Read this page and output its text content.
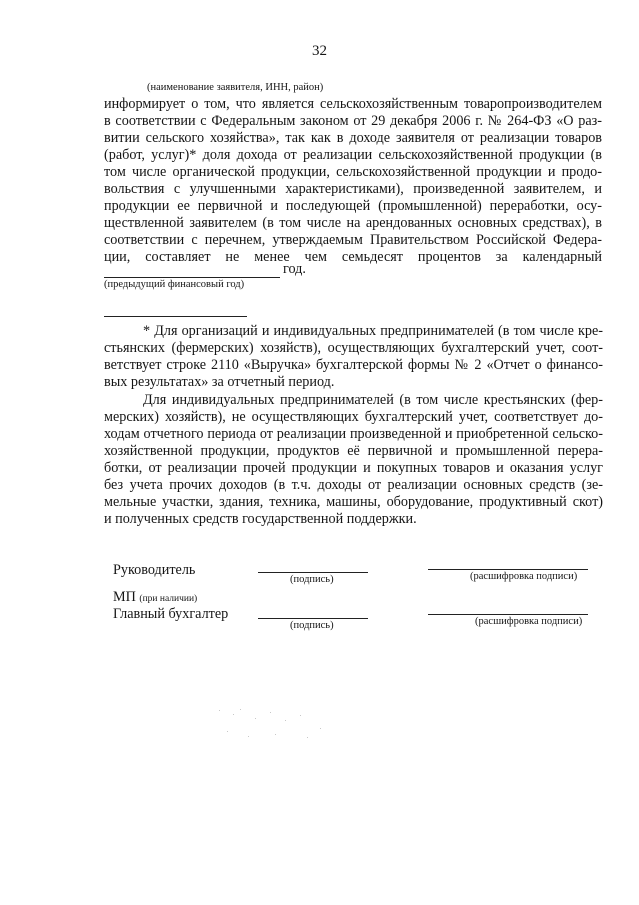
32
(наименование заявителя, ИНН, район)
информирует о том, что является сельскохозяйственным товаропроизводителем
в соответствии с Федеральным законом от 29 декабря 2006 г. № 264-ФЗ «О раз-
витии сельского хозяйства», так как в доходе заявителя от реализации товаров
(работ, услуг)* доля дохода от реализации сельскохозяйственной продукции (в
том числе органической продукции, сельскохозяйственной продукции и продо-
вольствия с улучшенными характеристиками), произведенной заявителем, и
продукции ее первичной и последующей (промышленной) переработки, осу-
ществленной заявителем (в том числе на арендованных основных средствах), в
соответствии с перечнем, утверждаемым Правительством Российской Федера-
ции, составляет не менее чем семьдесят процентов за календарный
год.
(предыдущий финансовый год)
* Для организаций и индивидуальных предпринимателей (в том числе кре-
стьянских (фермерских) хозяйств), осуществляющих бухгалтерский учет, соот-
ветствует строке 2110 «Выручка» бухгалтерской формы № 2 «Отчет о финансо-
вых результатах» за отчетный период.
Для индивидуальных предпринимателей (в том числе крестьянских (фер-
мерских) хозяйств), не осуществляющих бухгалтерский учет, соответствует до-
ходам отчетного периода от реализации произведенной и приобретенной сельско-
хозяйственной продукции, продуктов её первичной и промышленной перера-
ботки, от реализации прочей продукции и покупных товаров и оказания услуг
без учета прочих доходов (в т.ч. доходы от реализации основных средств (зе-
мельные участки, здания, техника, машины, оборудование, продуктивный скот)
и полученных средств государственной поддержки.
Руководитель
(подпись)	(расшифровка подписи)
МП (при наличии)
Главный бухгалтер
(подпись)	(расшифровка подписи)
